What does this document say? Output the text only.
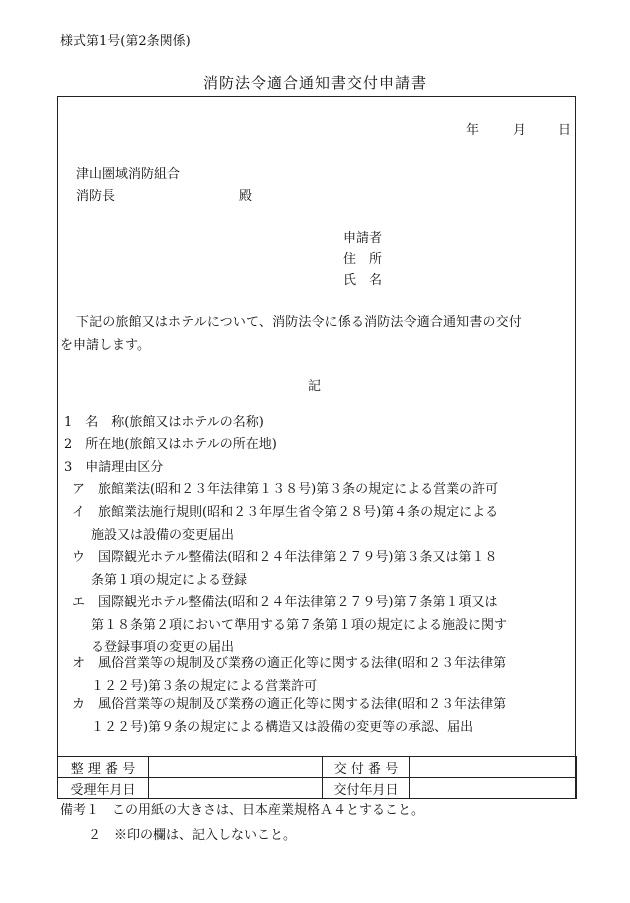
様式第1号(第2条関係)
消防法令適合通知書交付申請書
年	月 日
津山圏域消防組合
消防長	殿
申請者
住　所
氏　名
下記の旅館又はホテルについて、消防法令に係る消防法令適合通知書の交付
を申請します。
記
1　名　称(旅館又はホテルの名称)
2　所在地(旅館又はホテルの所在地)
3　申請理由区分
ア　旅館業法(昭和２３年法律第１３８号)第３条の規定による営業の許可
イ　旅館業法施行規則(昭和２３年厚生省令第２８号)第４条の規定による
施設又は設備の変更届出
ウ　国際観光ホテル整備法(昭和２４年法律第２７９号)第３条又は第１８
条第１項の規定による登録
エ　国際観光ホテル整備法(昭和２４年法律第２７９号)第７条第１項又は
第１８条第２項において準用する第７条第１項の規定による施設に関す
る登録事項の変更の届出
オ　風俗営業等の規制及び業務の適正化等に関する法律(昭和２３年法律第
１２２号)第３条の規定による営業許可
カ　風俗営業等の規制及び業務の適正化等に関する法律(昭和２３年法律第
１２２号)第９条の規定による構造又は設備の変更等の承認、届出
整 理 番 号		交 付 番 号	
受理年月日		交付年月日	
備考１　この用紙の大きさは、日本産業規格Ａ４とすること。
２　※印の欄は、記入しないこと。
